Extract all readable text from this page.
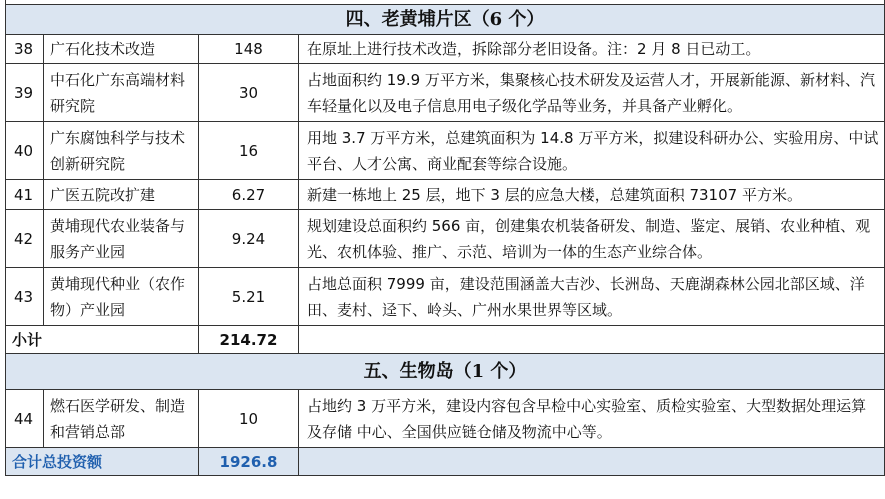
四、老黄埔片区（6 个）			
38	广石化技术改造	148	在原址上进行技术改造，拆除部分老旧设备。注：2 月 8 日已动工。
39	中石化广东高端材料研究院	30	占地面积约 19.9 万平方米，集聚核心技术研发及运营人才，开展新能源、新材料、汽车轻量化以及电子信息用电子级化学品等业务，并具备产业孵化。
40	广东腐蚀科学与技术创新研究院	16	用地 3.7 万平方米，总建筑面积为 14.8 万平方米，拟建设科研办公、实验用房、中试平台、人才公寓、商业配套等综合设施。
41	广医五院改扩建	6.27	新建一栋地上 25 层，地下 3 层的应急大楼，总建筑面积 73107 平方米。
42	黄埔现代农业装备与服务产业园	9.24	规划建设总面积约 566 亩，创建集农机装备研发、制造、鉴定、展销、农业种植、观光、农机体验、推广、示范、培训为一体的生态产业综合体。
43	黄埔现代种业（农作物）产业园	5.21	占地总面积 7999 亩，建设范围涵盖大吉沙、长洲岛、天鹿湖森林公园北部区域、洋田、麦村、迳下、岭头、广州水果世界等区域。
小计		214.72	
五、生物岛（1 个）			
44	燃石医学研发、制造和营销总部	10	占地约 3 万平方米，建设内容包含早检中心实验室、质检实验室、大型数据处理运算及存储 中心、全国供应链仓储及物流中心等。
合计总投资额		1926.8	
